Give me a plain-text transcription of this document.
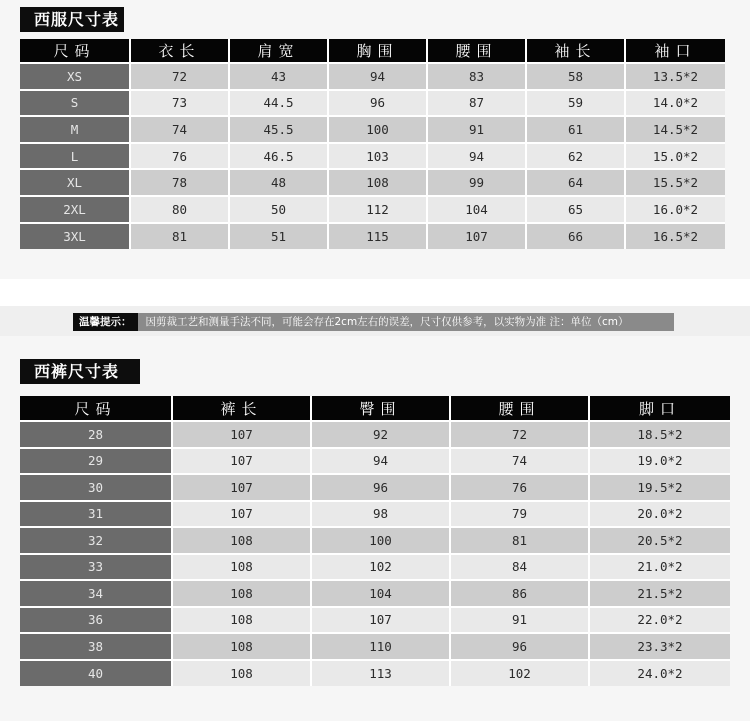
西服尺寸表
尺码	衣长	肩宽	胸围	腰围	袖长	袖口
XS	72	43	94	83	58	13.5*2
S	73	44.5	96	87	59	14.0*2
M	74	45.5	100	91	61	14.5*2
L	76	46.5	103	94	62	15.0*2
XL	78	48	108	99	64	15.5*2
2XL	80	50	112	104	65	16.0*2
3XL	81	51	115	107	66	16.5*2
温馨提示： 因剪裁工艺和测量手法不同，可能会存在2cm左右的误差，尺寸仅供参考，以实物为准 注：单位（cm）
西裤尺寸表
尺码	裤长	臀围	腰围	脚口
28	107	92	72	18.5*2
29	107	94	74	19.0*2
30	107	96	76	19.5*2
31	107	98	79	20.0*2
32	108	100	81	20.5*2
33	108	102	84	21.0*2
34	108	104	86	21.5*2
36	108	107	91	22.0*2
38	108	110	96	23.3*2
40	108	113	102	24.0*2
